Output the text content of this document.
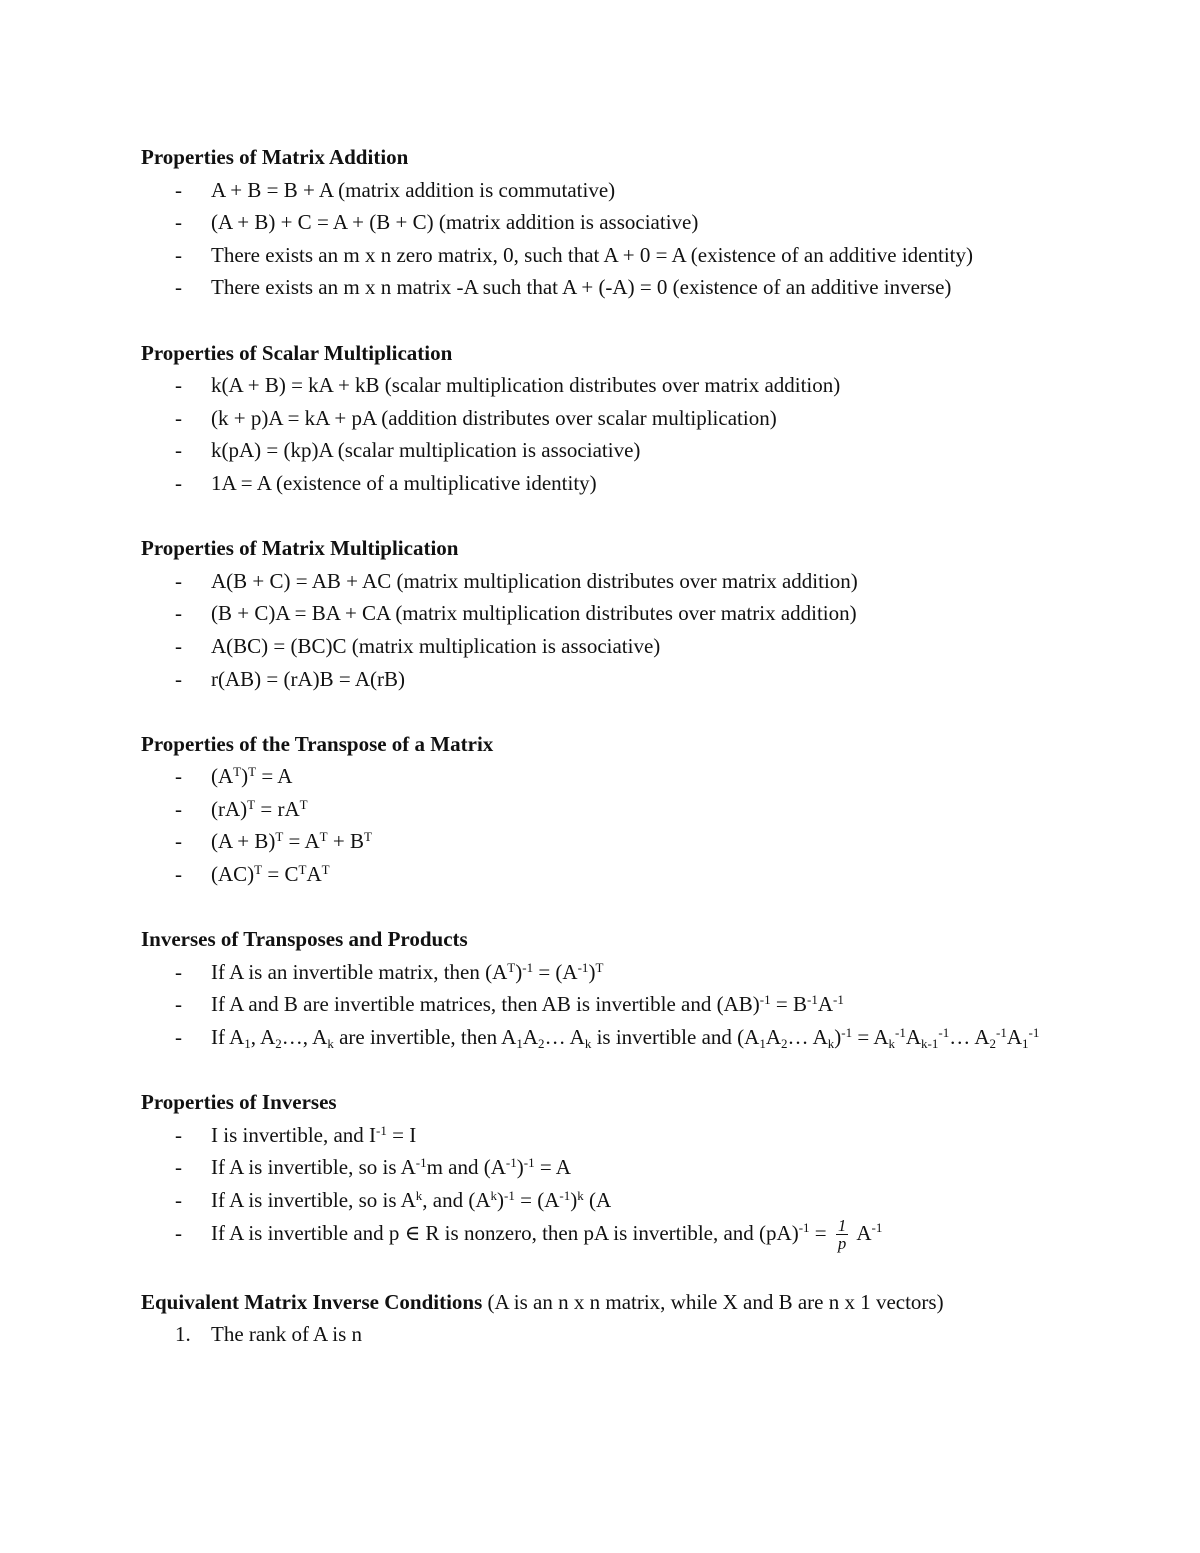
Properties of Matrix Addition
- A + B = B + A (matrix addition is commutative)
- (A + B) + C = A + (B + C) (matrix addition is associative)
- There exists an m x n zero matrix, 0, such that A + 0 = A (existence of an additive identity)
- There exists an m x n matrix -A such that A + (-A) = 0 (existence of an additive inverse)
Properties of Scalar Multiplication
- k(A + B) = kA + kB (scalar multiplication distributes over matrix addition)
- (k + p)A = kA + pA (addition distributes over scalar multiplication)
- k(pA) = (kp)A (scalar multiplication is associative)
- 1A = A (existence of a multiplicative identity)
Properties of Matrix Multiplication
- A(B + C) = AB + AC (matrix multiplication distributes over matrix addition)
- (B + C)A = BA + CA (matrix multiplication distributes over matrix addition)
- A(BC) = (BC)C (matrix multiplication is associative)
- r(AB) = (rA)B = A(rB)
Properties of the Transpose of a Matrix
- $(A^T)^T = A$
- $(rA)^T = rA^T$
- $(A + B)^T = A^T + B^T$
- $(AC)^T = C^TA^T$
Inverses of Transposes and Products
- If A is an invertible matrix, then $(A^T)^{-1} = (A^{-1})^T$
- If A and B are invertible matrices, then AB is invertible and $(AB)^{-1} = B^{-1}A^{-1}$
- If $A_1$, $A_2\dots$, $A_k$ are invertible, then $A_1A_2\dots$ $A_k$ is invertible and ($A_1A_2\dots$ $A_k)^{-1}$ = $A_k^{-1}A_{k-1}^{-1}\dots$ $A_2^{-1}A_1^{-1}$
Properties of Inverses
- I is invertible, and $I^{-1} = I$
- If A is invertible, so is $A^{-1}m$ and $(A^{-1})^{-1} = A$
- If A is invertible, so is $A^k$, and $(A^k)^{-1} = (A^{-1})^k$ (A
- If A is invertible and p ∈ R is nonzero, then pA is invertible, and $(pA)^{-1} = \frac{1}{p} A^{-1}$
Equivalent Matrix Inverse Conditions (A is an n x n matrix, while X and B are n x 1 vectors)
1. The rank of A is n
